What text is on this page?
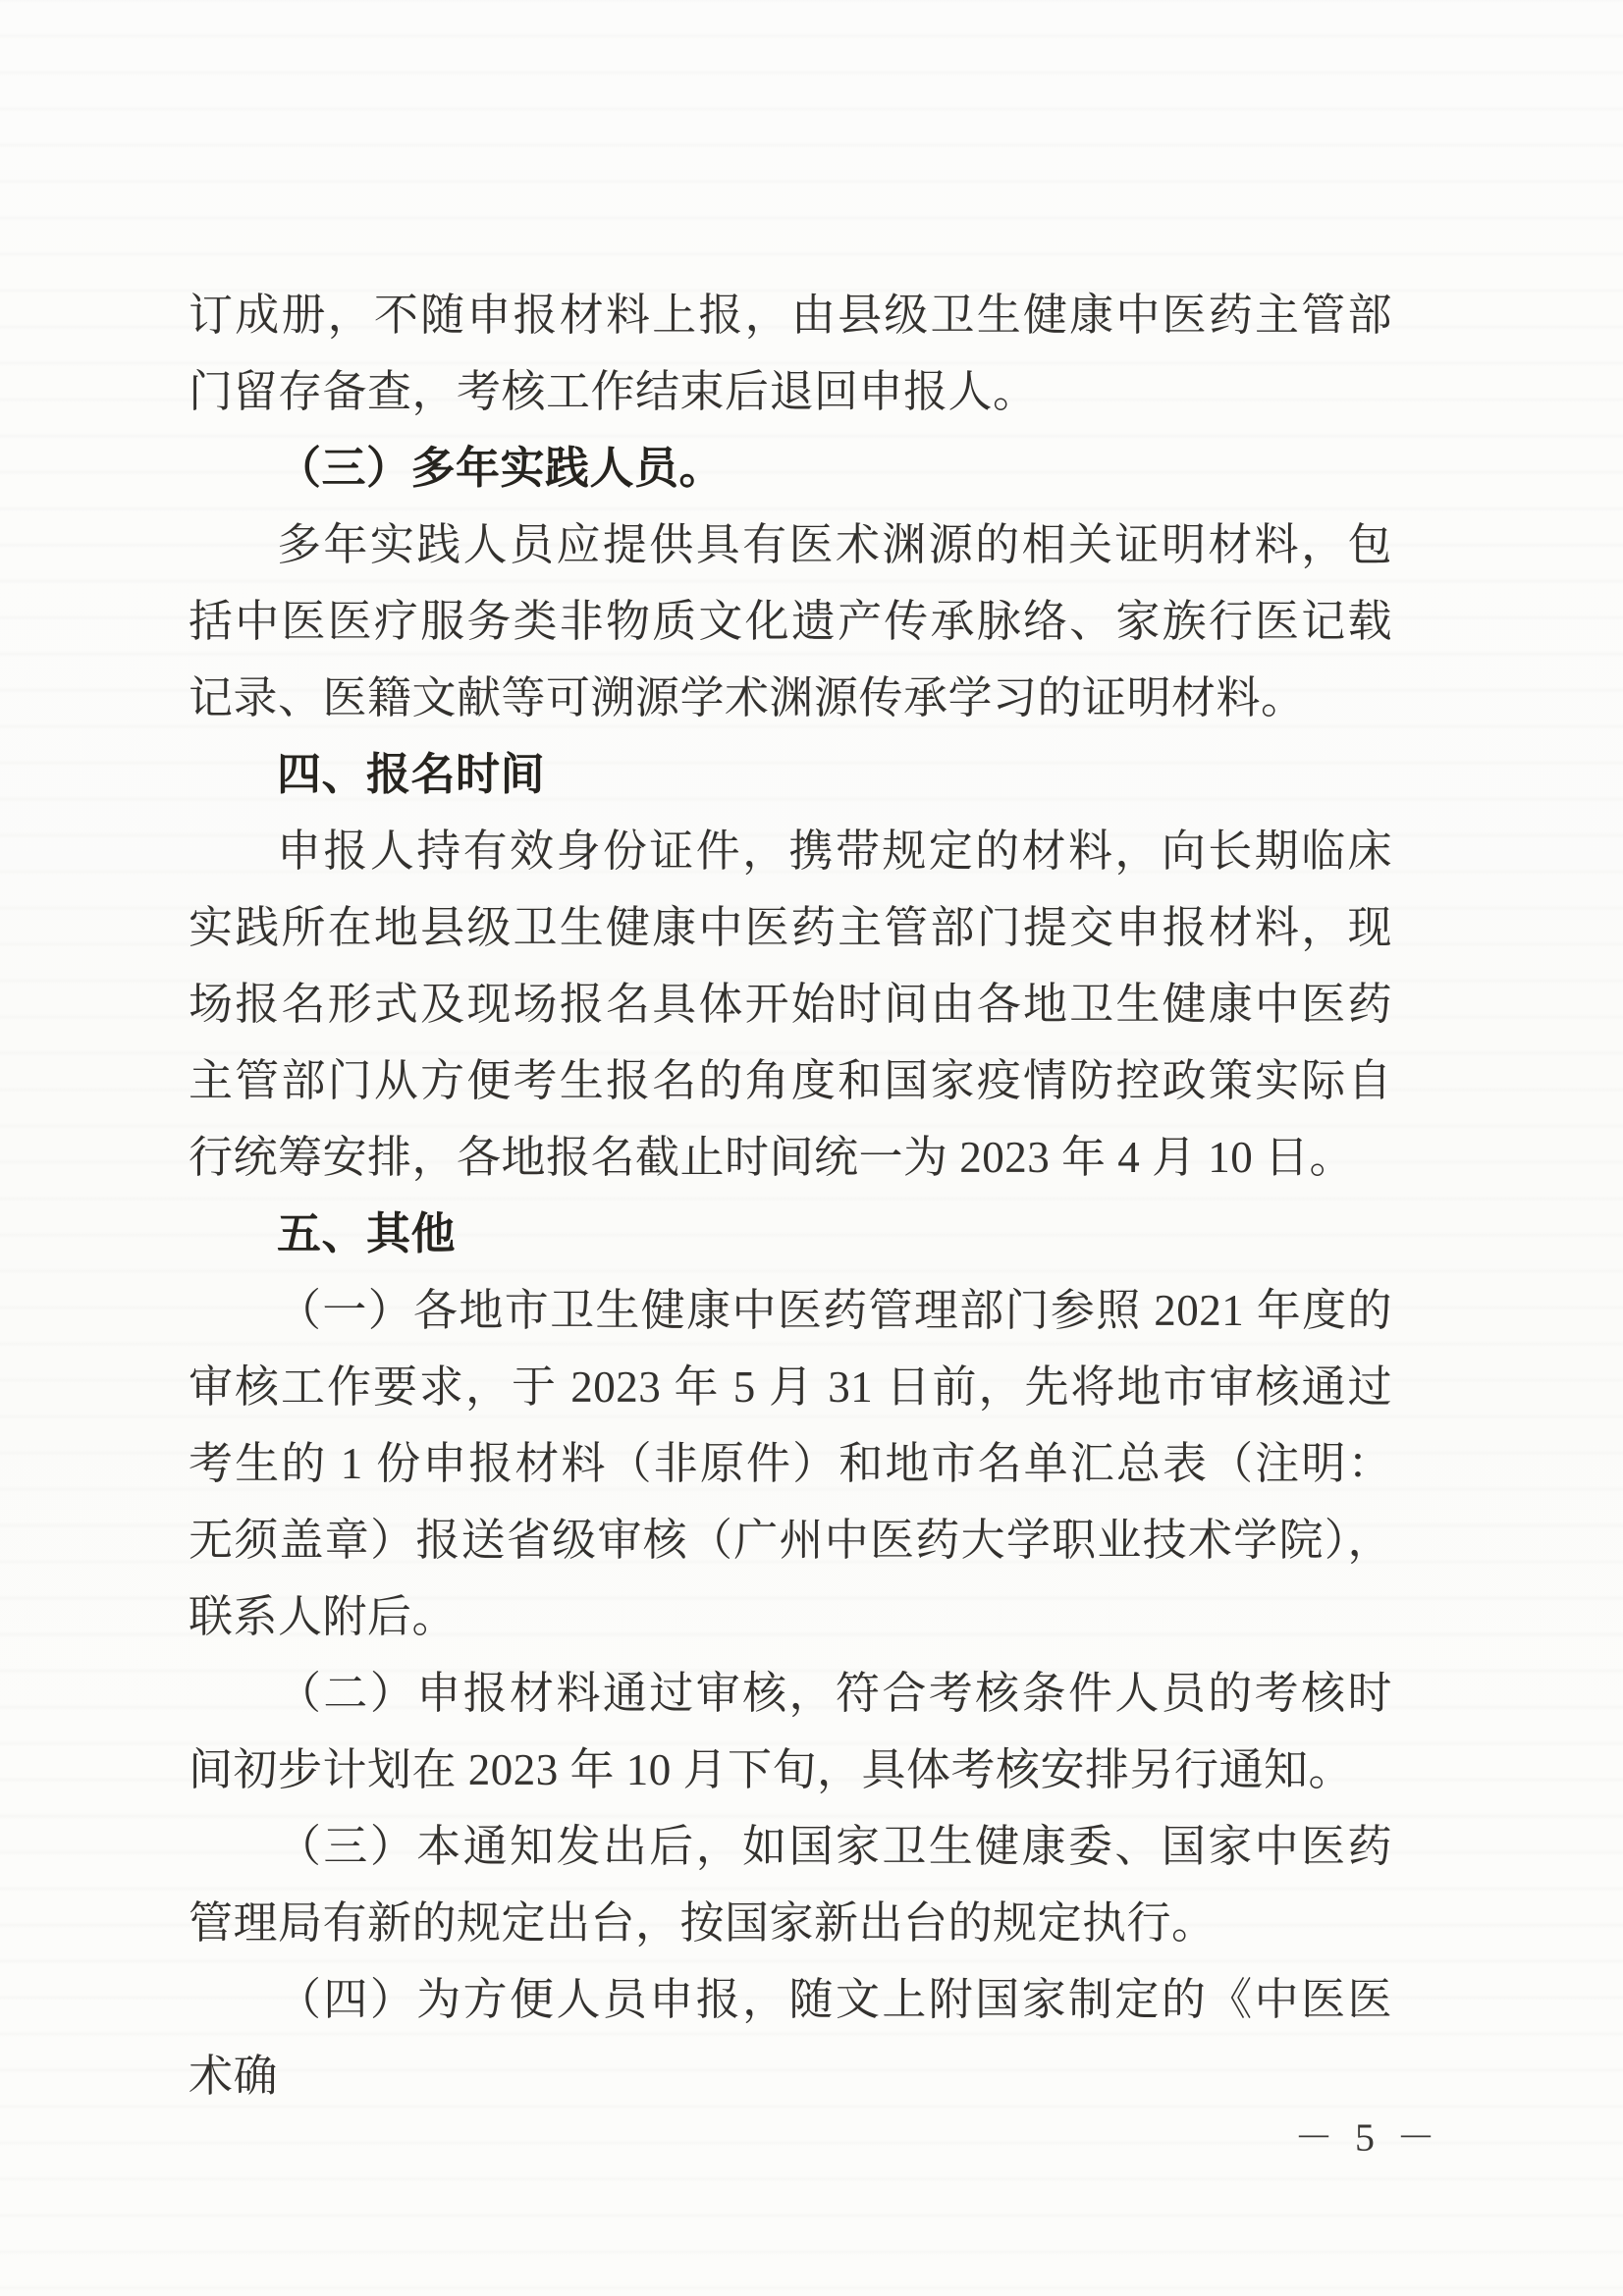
订成册，不随申报材料上报，由县级卫生健康中医药主管部门留存备查，考核工作结束后退回申报人。

（三）多年实践人员。

多年实践人员应提供具有医术渊源的相关证明材料，包括中医医疗服务类非物质文化遗产传承脉络、家族行医记载记录、医籍文献等可溯源学术渊源传承学习的证明材料。

四、报名时间

申报人持有效身份证件，携带规定的材料，向长期临床实践所在地县级卫生健康中医药主管部门提交申报材料，现场报名形式及现场报名具体开始时间由各地卫生健康中医药主管部门从方便考生报名的角度和国家疫情防控政策实际自行统筹安排，各地报名截止时间统一为 2023 年 4 月 10 日。

五、其他

（一）各地市卫生健康中医药管理部门参照 2021 年度的审核工作要求，于 2023 年 5 月 31 日前，先将地市审核通过考生的 1 份申报材料（非原件）和地市名单汇总表（注明：无须盖章）报送省级审核（广州中医药大学职业技术学院），联系人附后。

（二）申报材料通过审核，符合考核条件人员的考核时间初步计划在 2023 年 10 月下旬，具体考核安排另行通知。

（三）本通知发出后，如国家卫生健康委、国家中医药管理局有新的规定出台，按国家新出台的规定执行。

（四）为方便人员申报，随文上附国家制定的《中医医术确

－ 5 －
